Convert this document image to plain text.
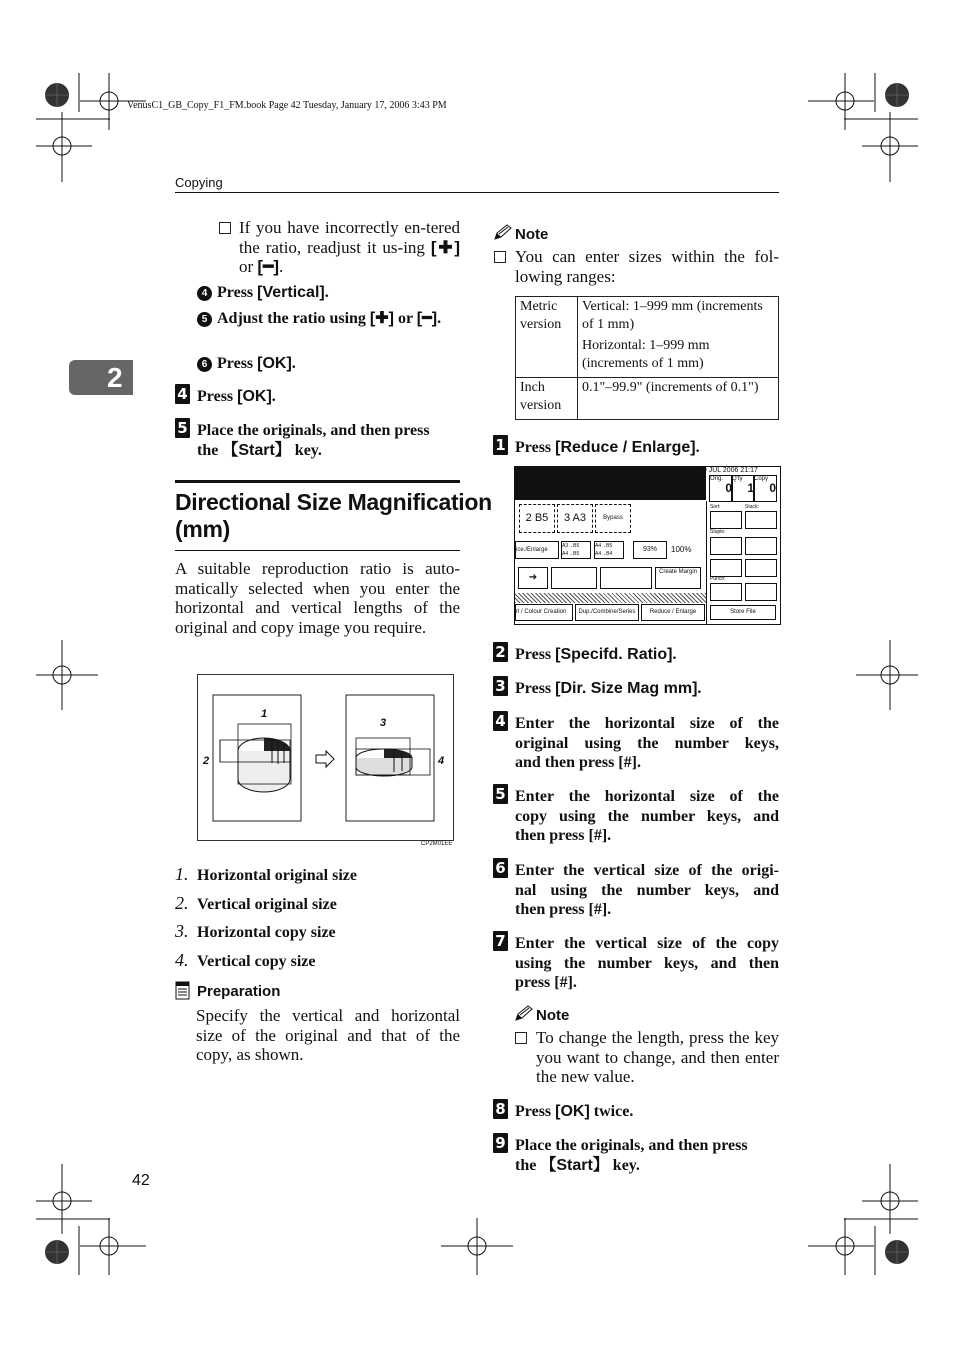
VenusC1_GB_Copy_F1_FM.book Page 42 Tuesday, January 17, 2006 3:43 PM
Copying
2
If you have incorrectly en-tered the ratio, readjust it us-ing [✚] or [━].
4 Press [Vertical].
5 Adjust the ratio using [✚] or [━].
6 Press [OK].
4 Press [OK].
5 Place the originals, and then press
the 【Start】 key.
Directional Size Magnification
(mm)
A suitable reproduction ratio is auto-matically selected when you enter the horizontal and vertical lengths of the original and copy image you require.
1
2
3
4
CP2M01EE
1. Horizontal original size
2. Vertical original size
3. Horizontal copy size
4. Vertical copy size
Preparation
Specify the vertical and horizontal size of the original and that of the copy, as shown.
42
Note
You can enter sizes within the fol-lowing ranges:
Metric version	Vertical: 1–999 mm (increments of 1 mm)
Horizontal: 1–999 mm (increments of 1 mm)

Inch version	0.1"–99.9" (increments of 0.1")
1 Press [Reduce / Enlarge].
20 JUL 2006 21:17
Orig.
0
Q'ty
1
Copy
0
2 B5	3 A3	Bypass
ice./Enlarge
A3→B5 A4→B5
A4→B5 A4→B4
93%	100%
➔	Create Margin
rl / Colour Creation	Dup./Combine/Series	Reduce / Enlarge
Sort:	Stack:
Staple:
Punch:
Store File
2 Press [Specifd. Ratio].
3 Press [Dir. Size Mag mm].
4 Enter the horizontal size of the
original using the number keys,
and then press [#].
5 Enter the horizontal size of the
copy using the number keys, and
then press [#].
6 Enter the vertical size of the origi-
nal using the number keys, and
then press [#].
7 Enter the vertical size of the copy
using the number keys, and then
press [#].
Note
To change the length, press the key you want to change, and then enter the new value.
8 Press [OK] twice.
9 Place the originals, and then press
the 【Start】 key.
